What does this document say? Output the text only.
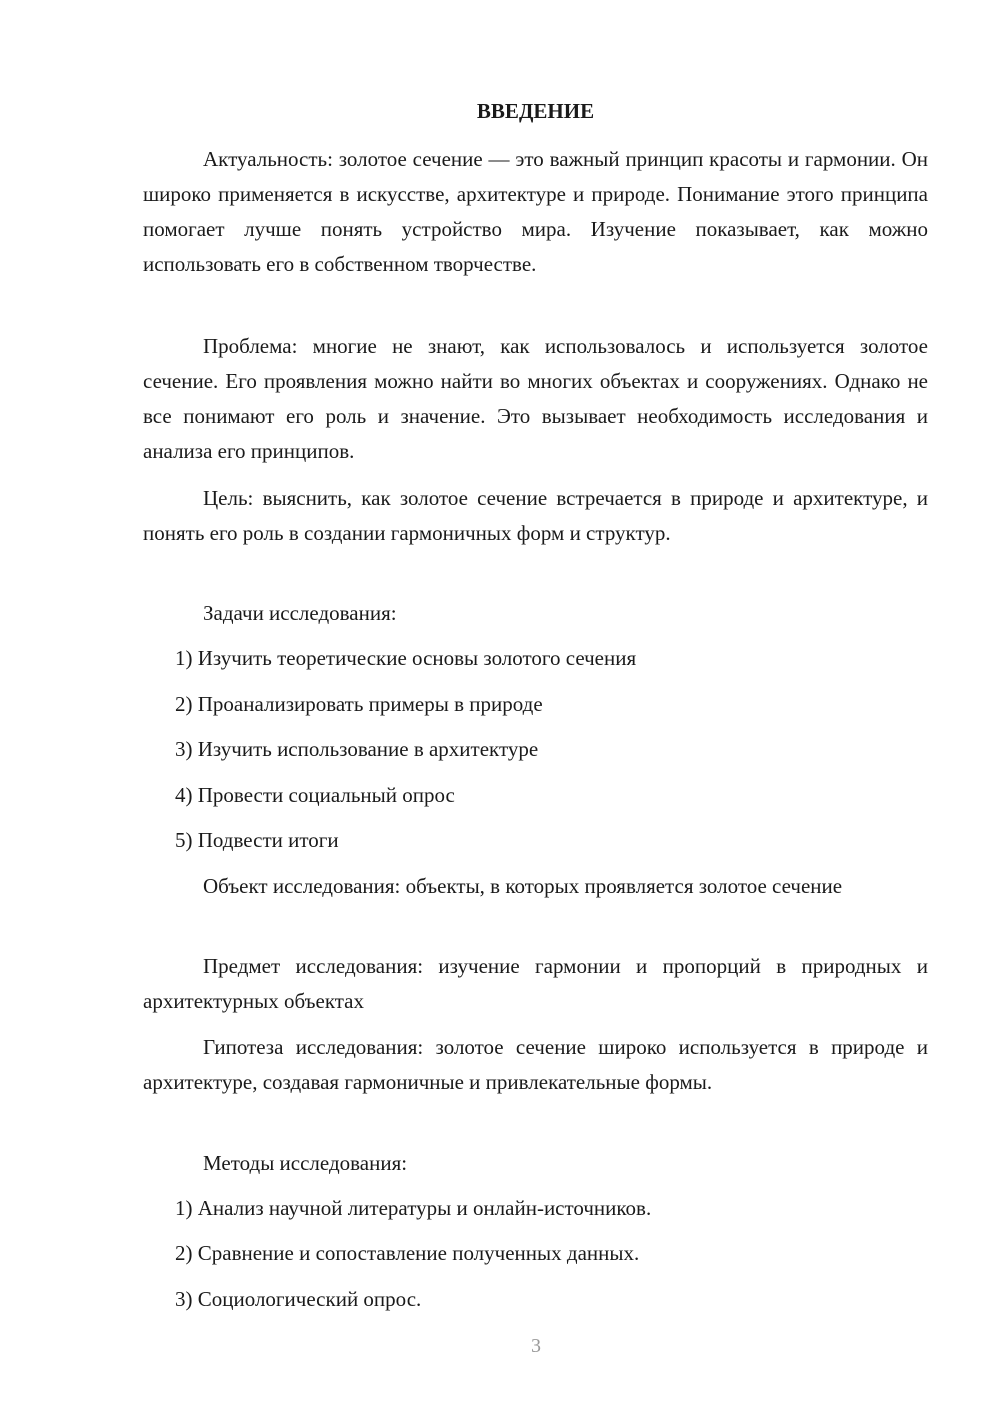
ВВЕДЕНИЕ

Актуальность: золотое сечение — это важный принцип красоты и гармонии. Он широко применяется в искусстве, архитектуре и природе. Понимание этого принципа помогает лучше понять устройство мира. Изучение показывает, как можно использовать его в собственном творчестве.

Проблема: многие не знают, как использовалось и используется золотое сечение. Его проявления можно найти во многих объектах и сооружениях. Однако не все понимают его роль и значение. Это вызывает необходимость исследования и анализа его принципов.

Цель: выяснить, как золотое сечение встречается в природе и архитектуре, и понять его роль в создании гармоничных форм и структур.

Задачи исследования:

1) Изучить теоретические основы золотого сечения

2) Проанализировать примеры в природе

3) Изучить использование в архитектуре

4) Провести социальный опрос

5) Подвести итоги

Объект исследования: объекты, в которых проявляется золотое сечение

Предмет исследования: изучение гармонии и пропорций в природных и архитектурных объектах

Гипотеза исследования: золотое сечение широко используется в природе и архитектуре, создавая гармоничные и привлекательные формы.

Методы исследования:

1) Анализ научной литературы и онлайн-источников.

2) Сравнение и сопоставление полученных данных.

3) Социологический опрос.

3
